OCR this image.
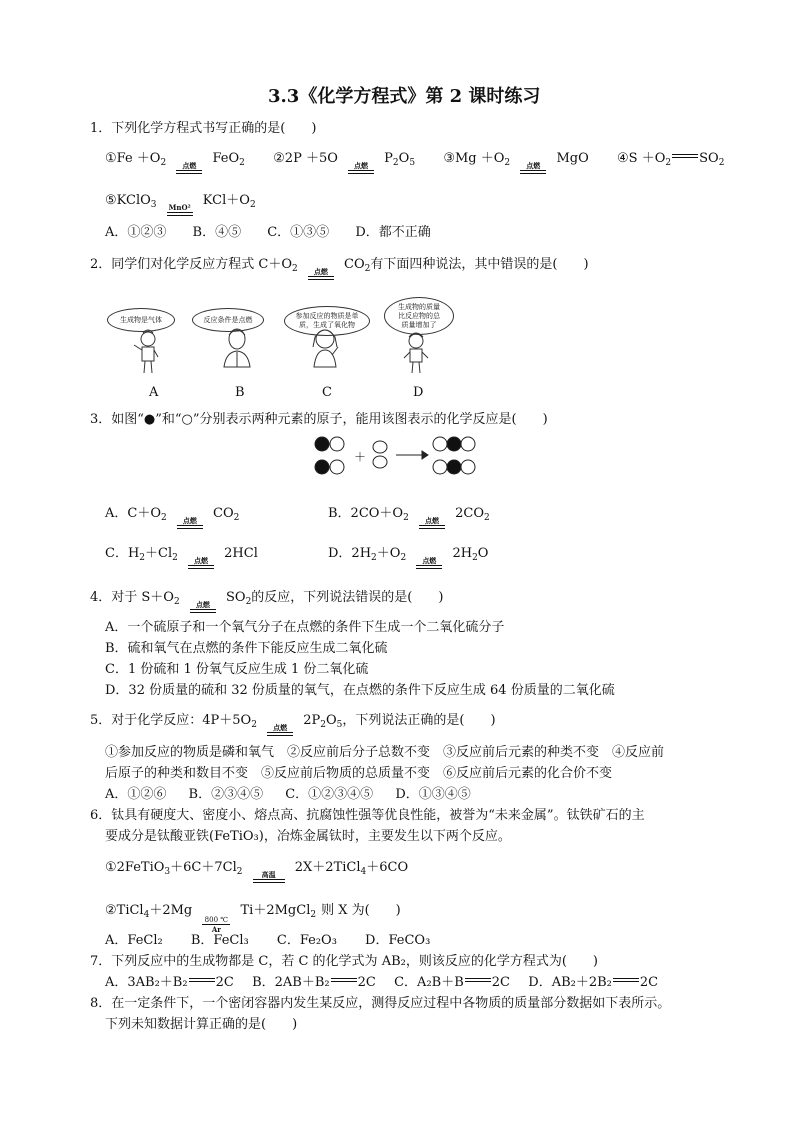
3.3《化学方程式》第 2 课时练习
1．下列化学方程式书写正确的是(　　)
①Fe $+O_2$ 点燃 FeO$_2$ ②2P ＋5O 点燃 $P_2O_5$ ③Mg $+O_2$ 点燃 MgO ④S $+O_2$ $SO_2$
⑤KClO$_3$ MnO² $KCl+O_2$
A．①②③ B．④⑤ C．①③⑤ D．都不正确
2．同学们对化学反应方程式 $C+O_2$ 点燃 $CO_2$有下面四种说法，其中错误的是(　　)
生成物是气体	反应条件是点燃	参加反应的物质是单质，生成了氧化物
生成物的质量比反应物的总质量增加了
A	B	C	D
3．如图“●”和“○”分别表示两种元素的原子，能用该图表示的化学反应是(　　)
＋
A．$C+O_2$ 点燃 $CO_2$	B．$2CO+O_2$ 点燃 $2CO_2$
C．$H_2+Cl_2$ 点燃 2HCl	D．$2H_2+O_2$ 点燃 $2H_2O$
4．对于 $S+O_2$ 点燃 $SO_2$的反应，下列说法错误的是(　　)
A．一个硫原子和一个氧气分子在点燃的条件下生成一个二氧化硫分子
B．硫和氧气在点燃的条件下能反应生成二氧化硫
C．1 份硫和 1 份氧气反应生成 1 份二氧化硫
D．32 份质量的硫和 32 份质量的氧气，在点燃的条件下反应生成 64 份质量的二氧化硫
5．对于化学反应：$4P+5O_2$ 点燃 $2P_2O_5$，下列说法正确的是(　　)
①参加反应的物质是磷和氧气　②反应前后分子总数不变　③反应前后元素的种类不变　④反应前
后原子的种类和数目不变　⑤反应前后物质的总质量不变　⑥反应前后元素的化合价不变
A．①②⑥ B．②③④⑤ C．①②③④⑤ D．①③④⑤
6．钛具有硬度大、密度小、熔点高、抗腐蚀性强等优良性能，被誉为“未来金属”。钛铁矿石的主
要成分是钛酸亚铁(FeTiO₃)，冶炼金属钛时，主要发生以下两个反应。
$①2FeTiO_3+6C+7Cl_2$	高温 2X＋2TiCl$_4$＋6CO
②TiCl$_4$＋2Mg
$\frac{800 ℃}{Ar}$
Ti＋2MgCl$_2$ 则 X 为(　　)
A．FeCl₂ B．FeCl₃ C．Fe₂O₃ D．FeCO₃
7．下列反应中的生成物都是 C，若 C 的化学式为 AB₂，则该反应的化学方程式为(　　)
A．3AB₂＋B₂ 2C B．2AB＋B₂ 2C C．A₂B＋B 2C D．AB₂＋2B₂ 2C
8．在一定条件下，一个密闭容器内发生某反应，测得反应过程中各物质的质量部分数据如下表所示。
下列未知数据计算正确的是(　　)
